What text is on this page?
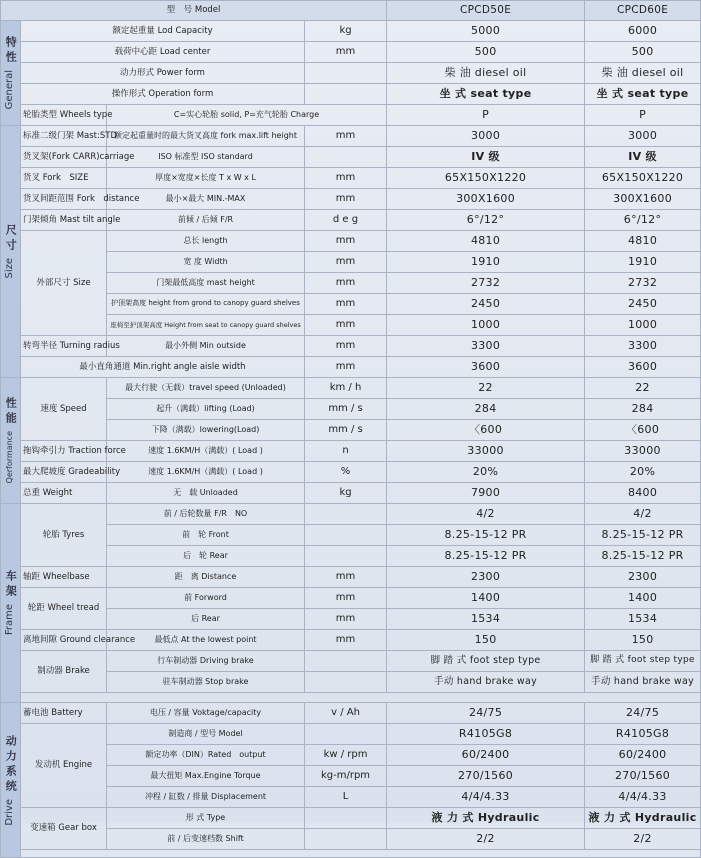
型　号 Model				CPCD50E	CPCD60E

特性
General	额定起重量 Lod Capacity		kg	5000	6000
	载荷中心距 Load center		mm	500	500
	动力形式 Power form			柴 油 diesel oil	柴 油 diesel oil
	操作形式 Operation form			坐 式 seat type	坐 式 seat type
	轮胎类型 Wheels type	C=实心轮胎 solid, P=充气轮胎 Charge		P	P

尺寸
Size	标准二级门架 Mast:STD	额定起重量时的最大货叉高度 fork max.lift height	mm	3000	3000
	货叉架(Fork CARR)carriage	ISO 标准型 ISO standard		IV 级	IV 级
	货叉 Fork　SIZE	厚度×宽度×长度 T x W x L	mm	65X150X1220	65X150X1220
	货叉间距范围 Fork　distance	最小×最大 MIN.-MAX	mm	300X1600	300X1600
	门架倾角 Mast tilt angle	前倾 / 后倾 F/R	d e g	6°/12°	6°/12°
	外部尺寸 Size	总长 length	mm	4810	4810
		宽 度 Width	mm	1910	1910
		门架最低高度 mast height	mm	2732	2732
		护顶架高度 height from grond to canopy guard shelves	mm	2450	2450
		座椅至护顶架高度 Height from seat to canopy guard shelves	mm	1000	1000
	转弯半径 Turning radius	最小外侧 Min outside	mm	3300	3300
	最小直角通道 Min.right angle aisle width		mm	3600	3600

性能
Qerformance	速度 Speed	最大行驶（无载）travel speed (Unloaded)	km / h	22	22
		起升（满载）lifting (Load)	mm / s	284	284
		下降（满载）lowering(Load)	mm / s	〈600	〈600
	拖钩牵引力 Traction force	速度 1.6KM/H（满载）( Load )	n	33000	33000
	最大爬坡度 Gradeability	速度 1.6KM/H（满载）( Load )	%	20%	20%
	总重 Weight	无　载 Unloaded	kg	7900	8400

车架
Frame	轮胎 Tyres	前 / 后轮数量 F/R　NO		4/2	4/2
		前　轮 Front		8.25-15-12 PR	8.25-15-12 PR
		后　轮 Rear		8.25-15-12 PR	8.25-15-12 PR
	轴距 Wheelbase	距　离 Distance	mm	2300	2300
	轮距 Wheel tread	前 Forword	mm	1400	1400
		后 Rear	mm	1534	1534
	离地间隙 Ground clearance	最低点 At the lowest point	mm	150	150
	制动器 Brake	行车制动器 Driving brake		脚 踏 式 foot step type	脚 踏 式 foot step type
		驻车制动器 Stop brake		手动 hand brake way	手动 hand brake way

动力系统
Drive	蓄电池 Battery	电压 / 容量 Voktage/capacity	v / Ah	24/75	24/75
	发动机 Engine	制造商 / 型号 Model		R4105G8	R4105G8
		额定功率（DIN）Rated　output	kw / rpm	60/2400	60/2400
		最大扭矩 Max.Engine Torque	kg-m/rpm	270/1560	270/1560
		冲程 / 缸数 / 排量 Displacement	L	4/4/4.33	4/4/4.33
	变速箱 Gear box	形 式 Type		液 力 式 Hydraulic	液 力 式 Hydraulic
		前 / 后变速档数 Shift		2/2	2/2
